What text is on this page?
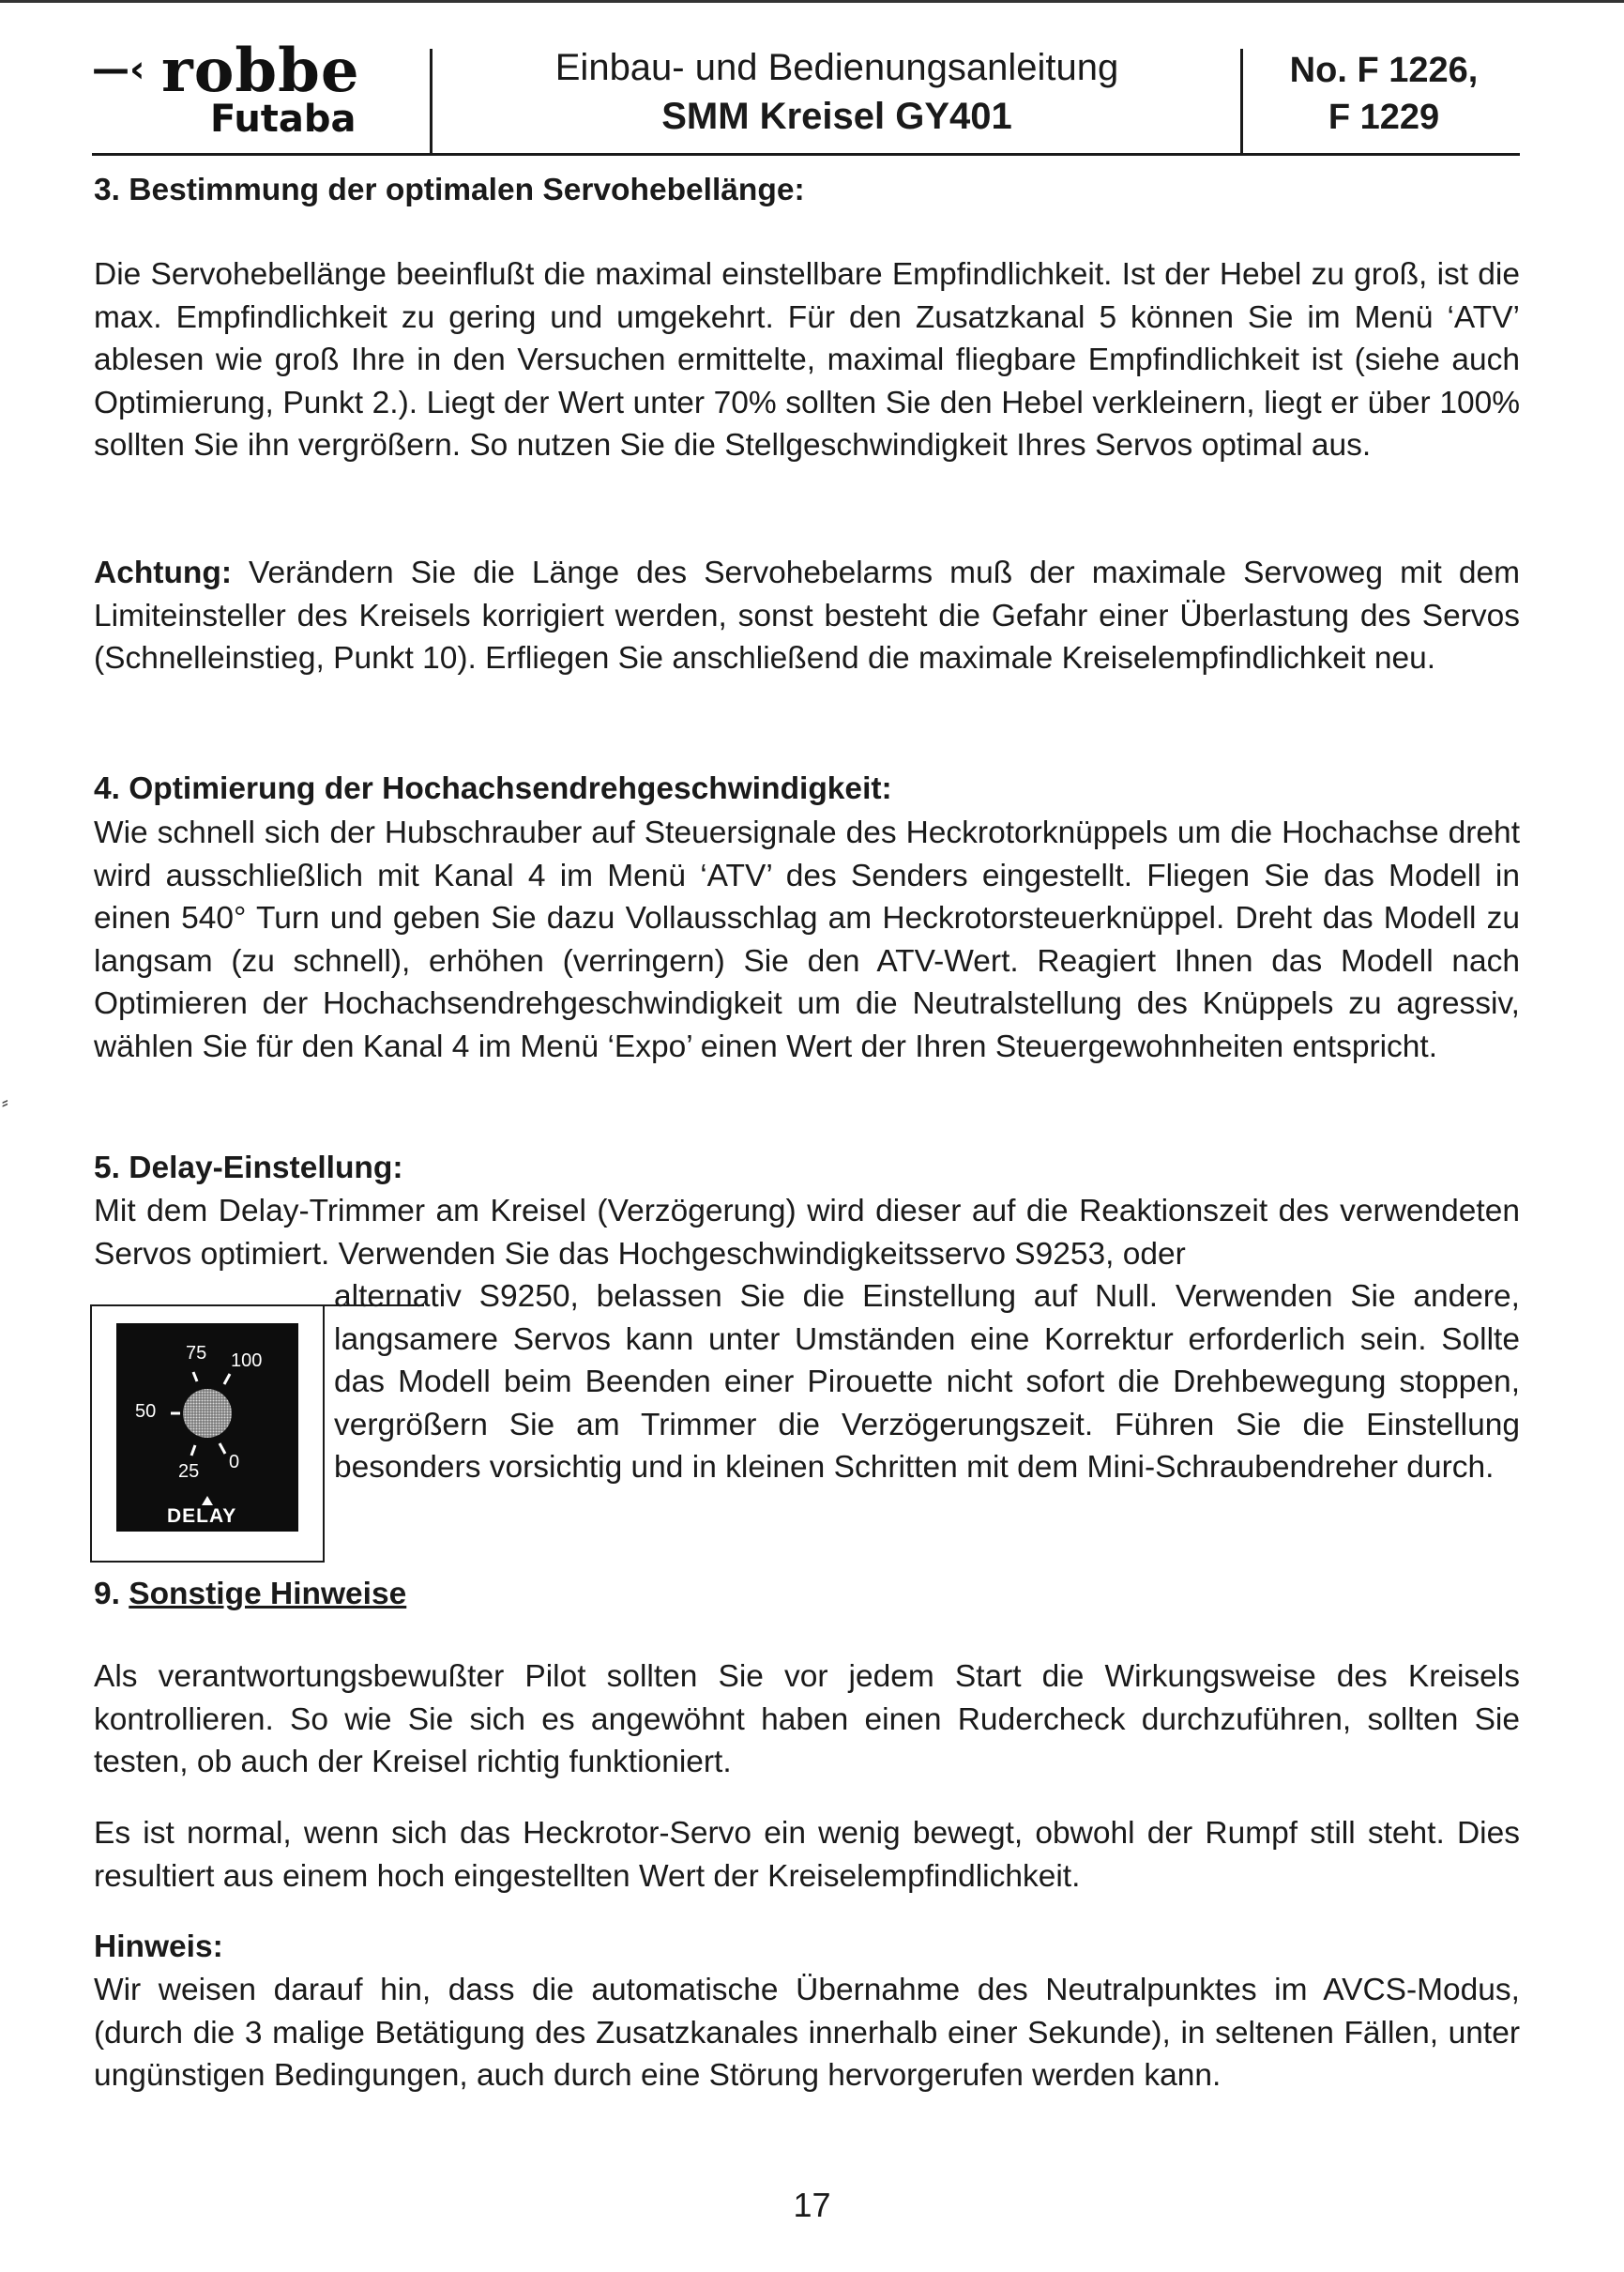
—‹ robbe
Futaba
Einbau- und Bedienungsanleitung
SMM Kreisel GY401
No. F 1226,
F 1229
3. Bestimmung der optimalen Servohebellänge:

Die Servohebellänge beeinflußt die maximal einstellbare Empfindlichkeit. Ist der Hebel zu groß, ist die max. Empfindlichkeit zu gering und umgekehrt. Für den Zusatzkanal 5 können Sie im Menü ‘ATV’ ablesen wie groß Ihre in den Versuchen ermittelte, maximal fliegbare Empfindlichkeit ist (siehe auch Optimierung, Punkt 2.). Liegt der Wert unter 70% sollten Sie den Hebel verkleinern, liegt er über 100% sollten Sie ihn vergrößern. So nutzen Sie die Stellgeschwindigkeit Ihres Servos optimal aus.

Achtung: Verändern Sie die Länge des Servohebelarms muß der maximale Servoweg mit dem Limiteinsteller des Kreisels korrigiert werden, sonst besteht die Gefahr einer Überlastung des Servos (Schnelleinstieg, Punkt 10). Erfliegen Sie anschließend die maximale Kreiselempfindlichkeit neu.

4. Optimierung der Hochachsendrehgeschwindigkeit:

Wie schnell sich der Hubschrauber auf Steuersignale des Heckrotorknüppels um die Hochachse dreht wird ausschließlich mit Kanal 4 im Menü ‘ATV’ des Senders eingestellt. Fliegen Sie das Modell in einen 540° Turn und geben Sie dazu Vollausschlag am Heckrotorsteuerknüppel. Dreht das Modell zu langsam (zu schnell), erhöhen (verringern) Sie den ATV-Wert. Reagiert Ihnen das Modell nach Optimieren der Hochachsendrehgeschwindigkeit um die Neutralstellung des Knüppels zu agressiv, wählen Sie für den Kanal 4 im Menü ‘Expo’ einen Wert der Ihren Steuergewohnheiten entspricht.

5. Delay-Einstellung:

Mit dem Delay-Trimmer am Kreisel (Verzögerung) wird dieser auf die Reaktionszeit des verwendeten Servos optimiert. Verwenden Sie das Hochgeschwindigkeitsservo S9253, oder

75 100
50
25 0
DELAY

alternativ S9250, belassen Sie die Einstellung auf Null. Verwenden Sie andere, langsamere Servos kann unter Umständen eine Korrektur erforderlich sein. Sollte das Modell beim Beenden einer Pirouette nicht sofort die Drehbewegung stoppen, vergrößern Sie am Trimmer die Verzögerungszeit. Führen Sie die Einstellung besonders vorsichtig und in kleinen Schritten mit dem Mini-Schraubendreher durch.

9. Sonstige Hinweise

Als verantwortungsbewußter Pilot sollten Sie vor jedem Start die Wirkungsweise des Kreisels kontrollieren. So wie Sie sich es angewöhnt haben einen Rudercheck durchzuführen, sollten Sie testen, ob auch der Kreisel richtig funktioniert.

Es ist normal, wenn sich das Heckrotor-Servo ein wenig bewegt, obwohl der Rumpf still steht. Dies resultiert aus einem hoch eingestellten Wert der Kreiselempfindlichkeit.

Hinweis:

Wir weisen darauf hin, dass die automatische Übernahme des Neutralpunktes im AVCS-Modus, (durch die 3 malige Betätigung des Zusatzkanales innerhalb einer Sekunde), in seltenen Fällen, unter ungünstigen Bedingungen, auch durch eine Störung hervorgerufen werden kann.

17
⸗
